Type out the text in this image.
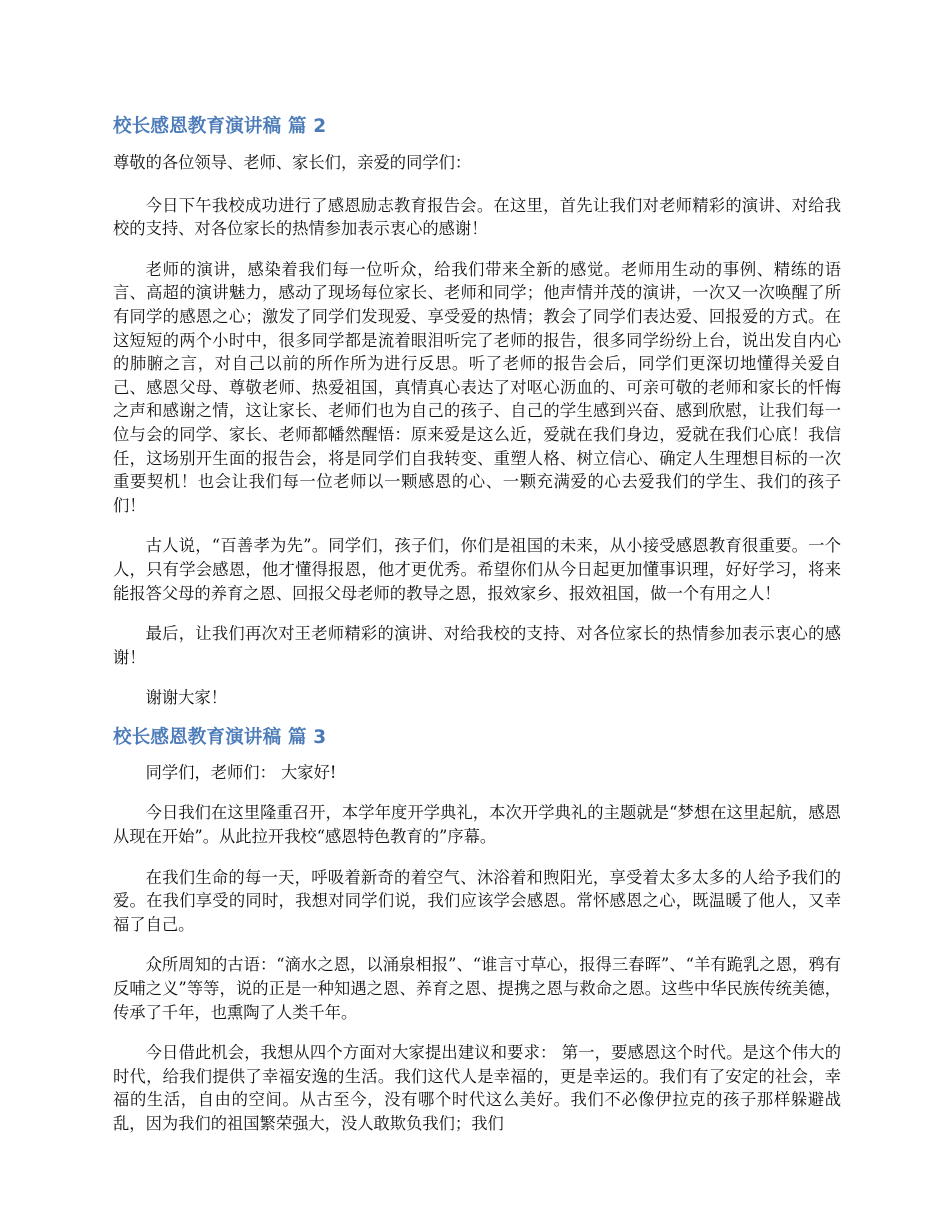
校长感恩教育演讲稿 篇 2

尊敬的各位领导、老师、家长们，亲爱的同学们：

今日下午我校成功进行了感恩励志教育报告会。在这里，首先让我们对老师精彩的演讲、对给我校的支持、对各位家长的热情参加表示衷心的感谢！

老师的演讲，感染着我们每一位听众，给我们带来全新的感觉。老师用生动的事例、精练的语言、高超的演讲魅力，感动了现场每位家长、老师和同学；他声情并茂的演讲，一次又一次唤醒了所有同学的感恩之心；激发了同学们发现爱、享受爱的热情；教会了同学们表达爱、回报爱的方式。在这短短的两个小时中，很多同学都是流着眼泪听完了老师的报告，很多同学纷纷上台，说出发自内心的肺腑之言，对自己以前的所作所为进行反思。听了老师的报告会后，同学们更深切地懂得关爱自己、感恩父母、尊敬老师、热爱祖国，真情真心表达了对呕心沥血的、可亲可敬的老师和家长的忏悔之声和感谢之情，这让家长、老师们也为自己的孩子、自己的学生感到兴奋、感到欣慰，让我们每一位与会的同学、家长、老师都幡然醒悟：原来爱是这么近，爱就在我们身边，爱就在我们心底！我信任，这场别开生面的报告会，将是同学们自我转变、重塑人格、树立信心、确定人生理想目标的一次重要契机！也会让我们每一位老师以一颗感恩的心、一颗充满爱的心去爱我们的学生、我们的孩子们！

古人说，“百善孝为先”。同学们，孩子们，你们是祖国的未来，从小接受感恩教育很重要。一个人，只有学会感恩，他才懂得报恩，他才更优秀。希望你们从今日起更加懂事识理，好好学习，将来能报答父母的养育之恩、回报父母老师的教导之恩，报效家乡、报效祖国，做一个有用之人！

最后，让我们再次对王老师精彩的演讲、对给我校的支持、对各位家长的热情参加表示衷心的感谢！

谢谢大家！

校长感恩教育演讲稿 篇 3

同学们，老师们： 大家好!

今日我们在这里隆重召开，本学年度开学典礼，本次开学典礼的主题就是“梦想在这里起航，感恩从现在开始”。从此拉开我校“感恩特色教育的”序幕。

在我们生命的每一天，呼吸着新奇的着空气、沐浴着和煦阳光，享受着太多太多的人给予我们的爱。在我们享受的同时，我想对同学们说，我们应该学会感恩。常怀感恩之心，既温暖了他人，又幸福了自己。

众所周知的古语：“滴水之恩，以涌泉相报”、“谁言寸草心，报得三春晖”、“羊有跪乳之恩，鸦有反哺之义”等等，说的正是一种知遇之恩、养育之恩、提携之恩与救命之恩。这些中华民族传统美德，传承了千年，也熏陶了人类千年。

今日借此机会，我想从四个方面对大家提出建议和要求： 第一，要感恩这个时代。是这个伟大的时代，给我们提供了幸福安逸的生活。我们这代人是幸福的，更是幸运的。我们有了安定的社会，幸福的生活，自由的空间。从古至今，没有哪个时代这么美好。我们不必像伊拉克的孩子那样躲避战乱，因为我们的祖国繁荣强大，没人敢欺负我们；我们
